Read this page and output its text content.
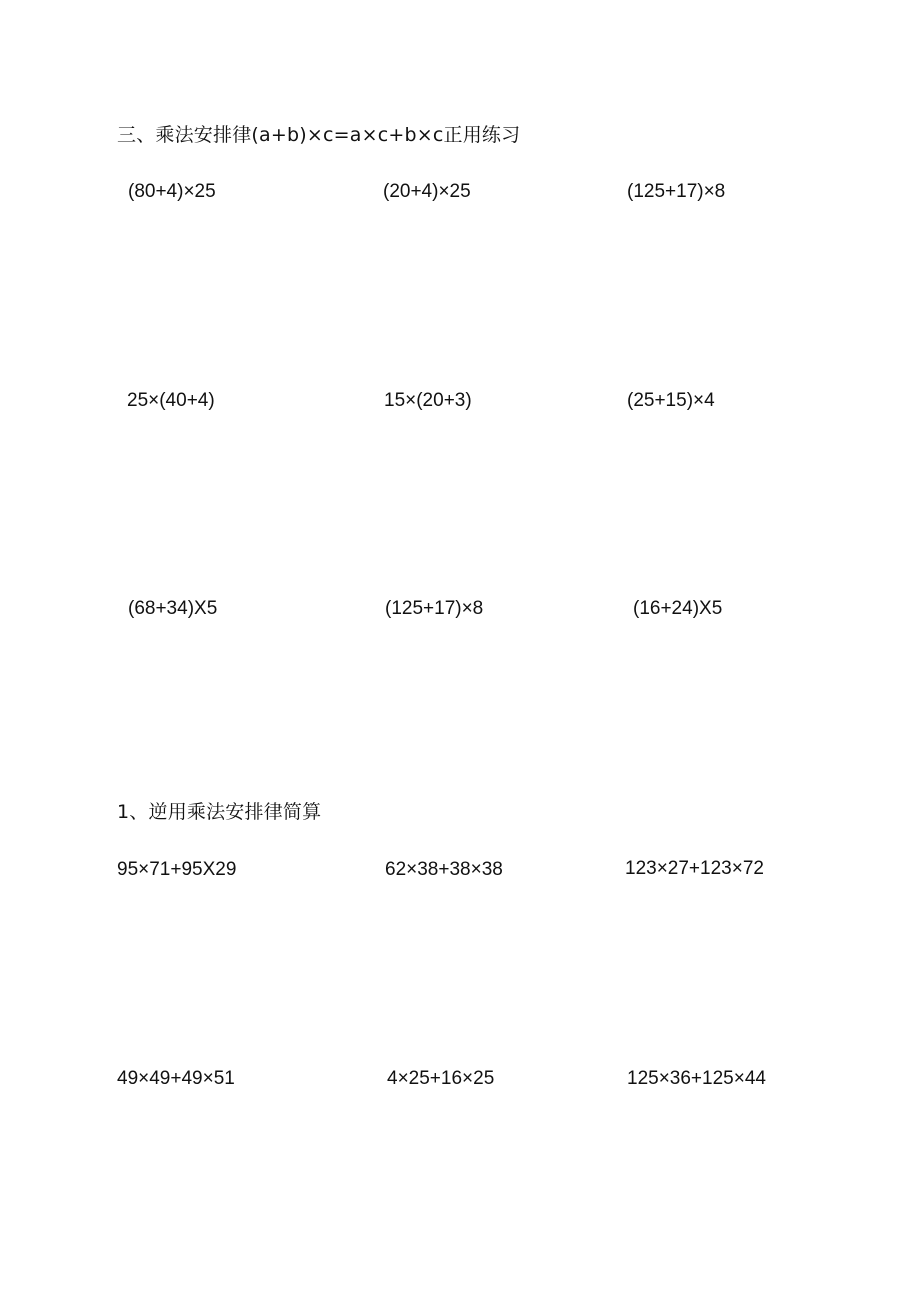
三、乘法安排律(a+b)×c=a×c+b×c正用练习
(80+4)×25	(20+4)×25	(125+17)×8
25×(40+4)	15×(20+3)	(25+15)×4
(68+34)X5	(125+17)×8	(16+24)X5
1、逆用乘法安排律简算
95×71+95X29	62×38+38×38	123×27+123×72
49×49+49×51	4×25+16×25	125×36+125×44
